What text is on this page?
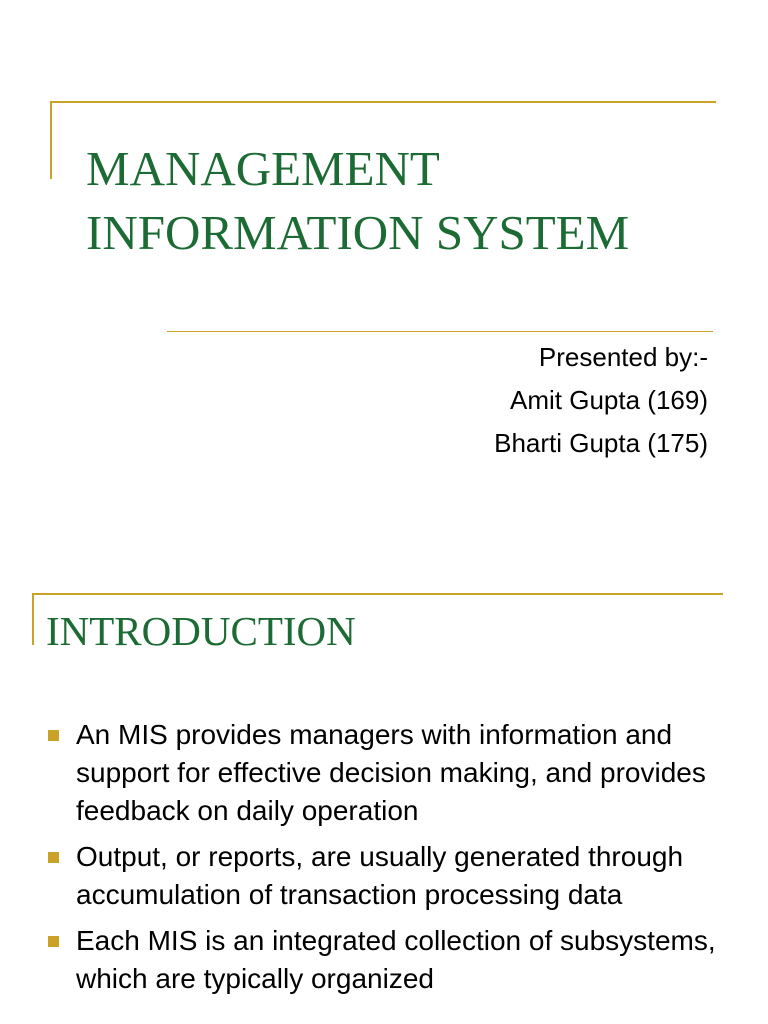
MANAGEMENT
INFORMATION SYSTEM
Presented by:-
Amit Gupta (169)
Bharti Gupta (175)
INTRODUCTION
An MIS provides managers with information and support for effective decision making, and provides feedback on daily operation
Output, or reports, are usually generated through accumulation of transaction processing data
Each MIS is an integrated collection of subsystems, which are typically organized
